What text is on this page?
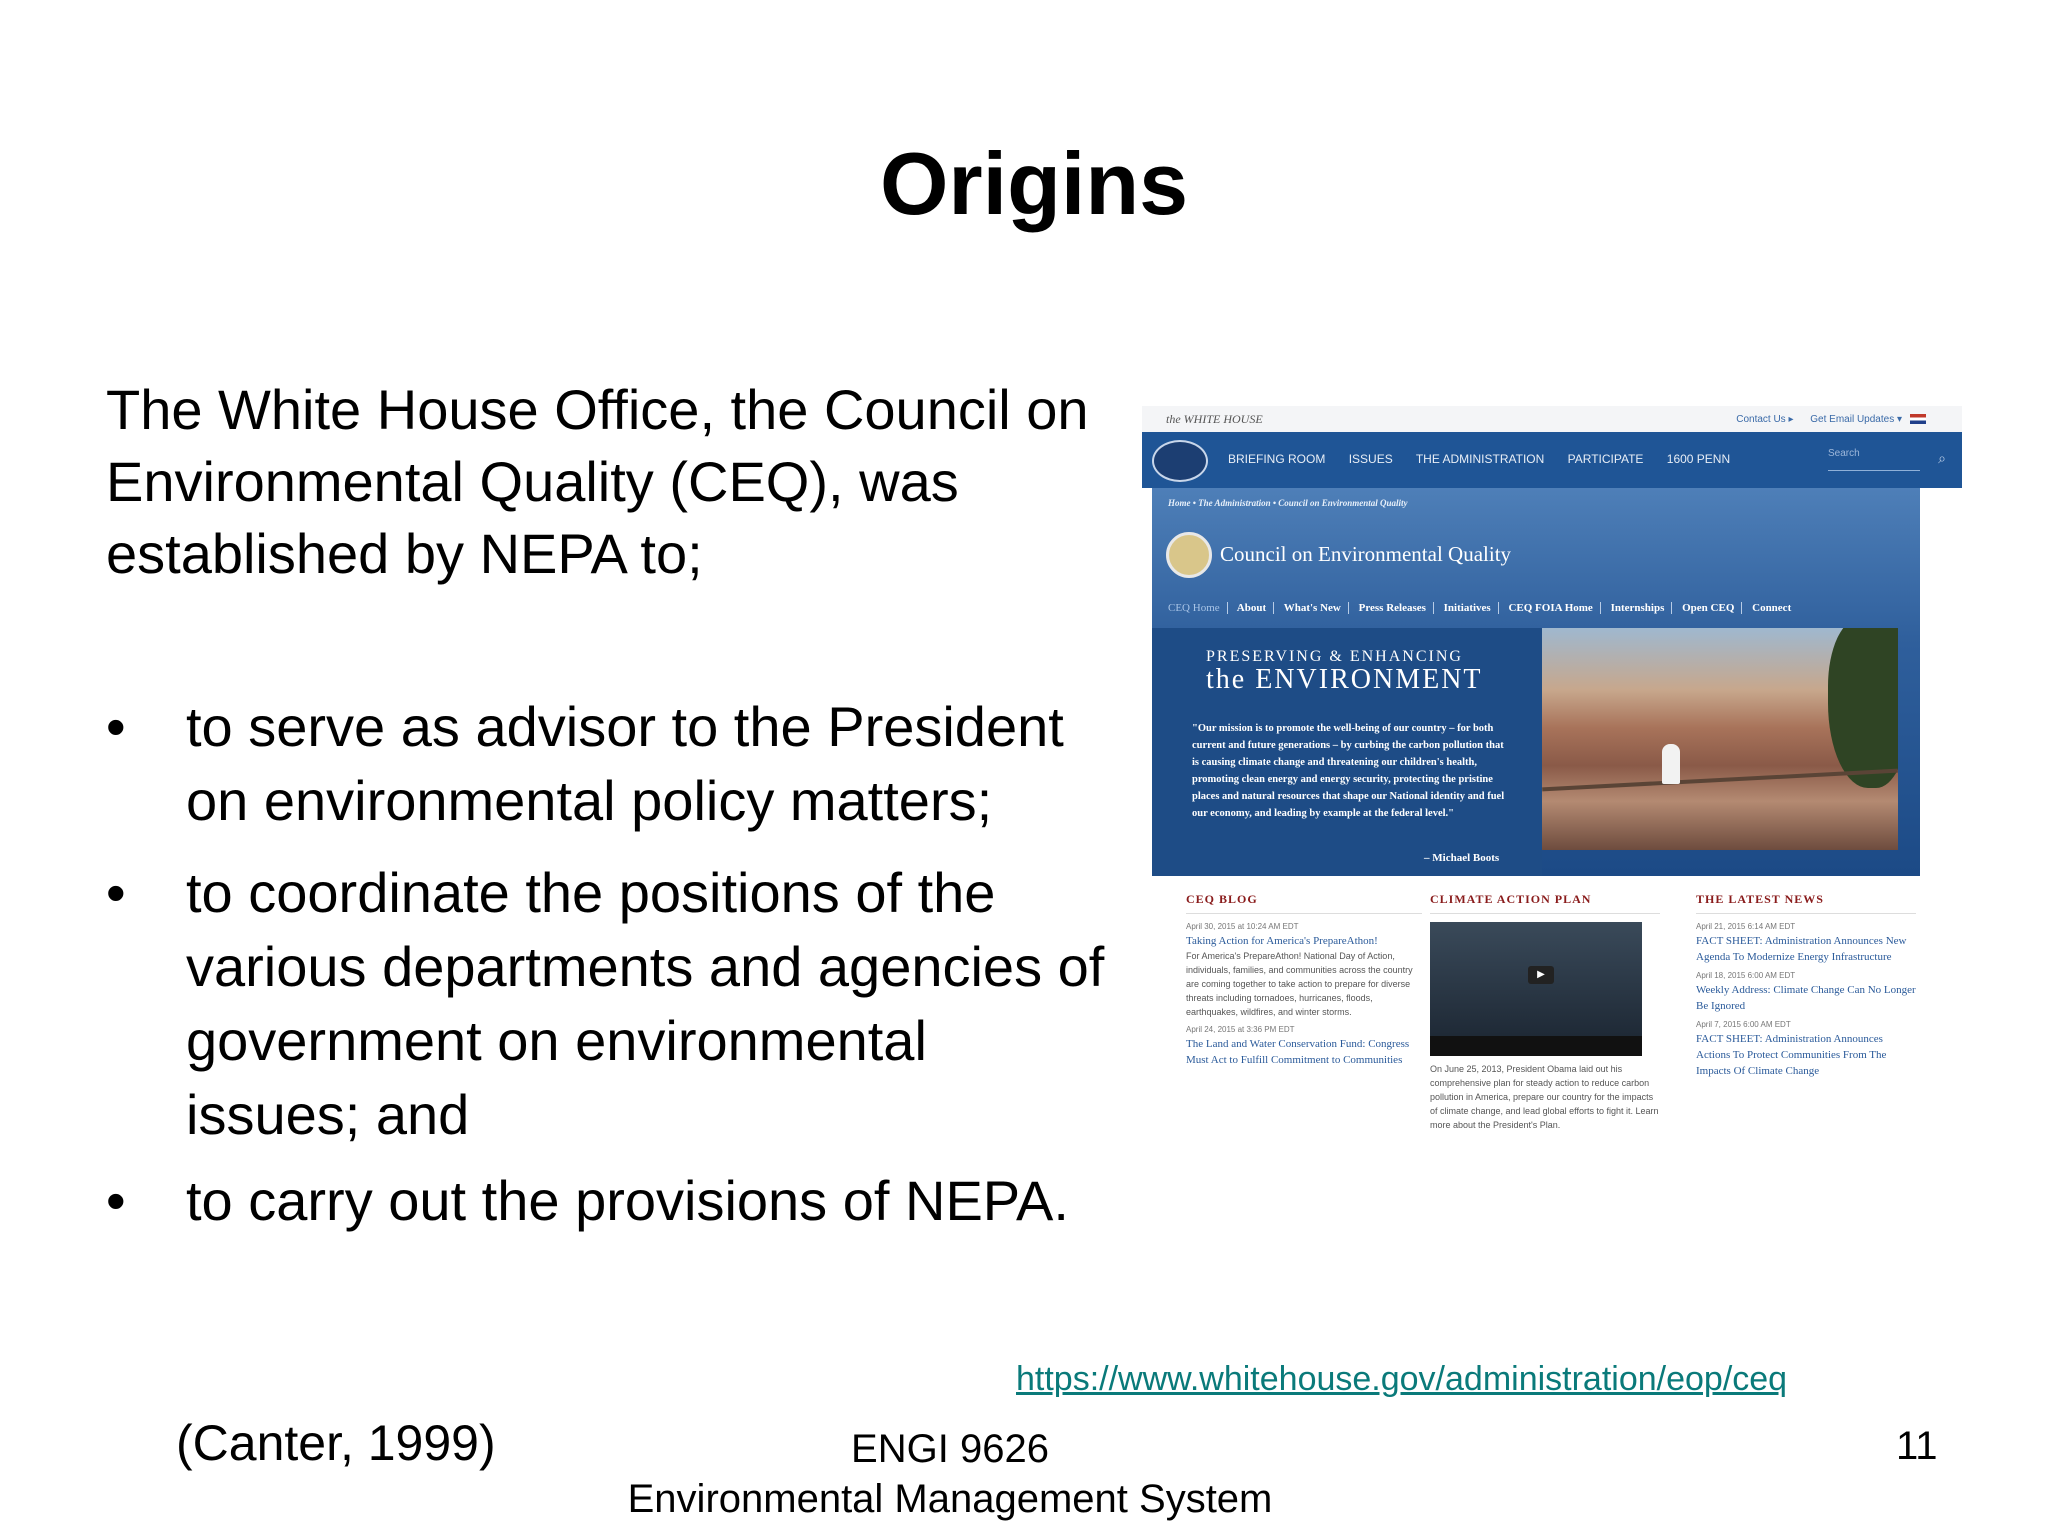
Origins
The White House Office, the Council on Environmental Quality (CEQ), was established by NEPA to;
• to serve as advisor to the President on environmental policy matters;
• to coordinate the positions of the various departments and agencies of government on environmental issues; and
• to carry out the provisions of NEPA.
the WHITE HOUSE	Contact Us ▸ Get Email Updates ▾
BRIEFING ROOM ISSUES THE ADMINISTRATION PARTICIPATE 1600 PENN	Search	⌕
Home • The Administration • Council on Environmental Quality
Council on Environmental Quality
CEQ Home About What's New Press Releases Initiatives CEQ FOIA Home Internships Open CEQ Connect
PRESERVING & ENHANCING
the ENVIRONMENT
"Our mission is to promote the well-being of our country – for both current and future generations – by curbing the carbon pollution that is causing climate change and threatening our children's health, promoting clean energy and energy security, protecting the pristine places and natural resources that shape our National identity and fuel our economy, and leading by example at the federal level."
– Michael Boots
CEQ BLOG
April 30, 2015 at 10:24 AM EDT
Taking Action for America's PrepareAthon!
For America's PrepareAthon! National Day of Action, individuals, families, and communities across the country are coming together to take action to prepare for diverse threats including tornadoes, hurricanes, floods, earthquakes, wildfires, and winter storms.
April 24, 2015 at 3:36 PM EDT
The Land and Water Conservation Fund: Congress Must Act to Fulfill Commitment to Communities
CLIMATE ACTION PLAN
▶
On June 25, 2013, President Obama laid out his comprehensive plan for steady action to reduce carbon pollution in America, prepare our country for the impacts of climate change, and lead global efforts to fight it. Learn more about the President's Plan.
THE LATEST NEWS
April 21, 2015 6:14 AM EDT
FACT SHEET: Administration Announces New Agenda To Modernize Energy Infrastructure
April 18, 2015 6:00 AM EDT
Weekly Address: Climate Change Can No Longer Be Ignored
April 7, 2015 6:00 AM EDT
FACT SHEET: Administration Announces Actions To Protect Communities From The Impacts Of Climate Change
https://www.whitehouse.gov/administration/eop/ceq
(Canter, 1999)	ENGI 9626
Environmental Management System
11
